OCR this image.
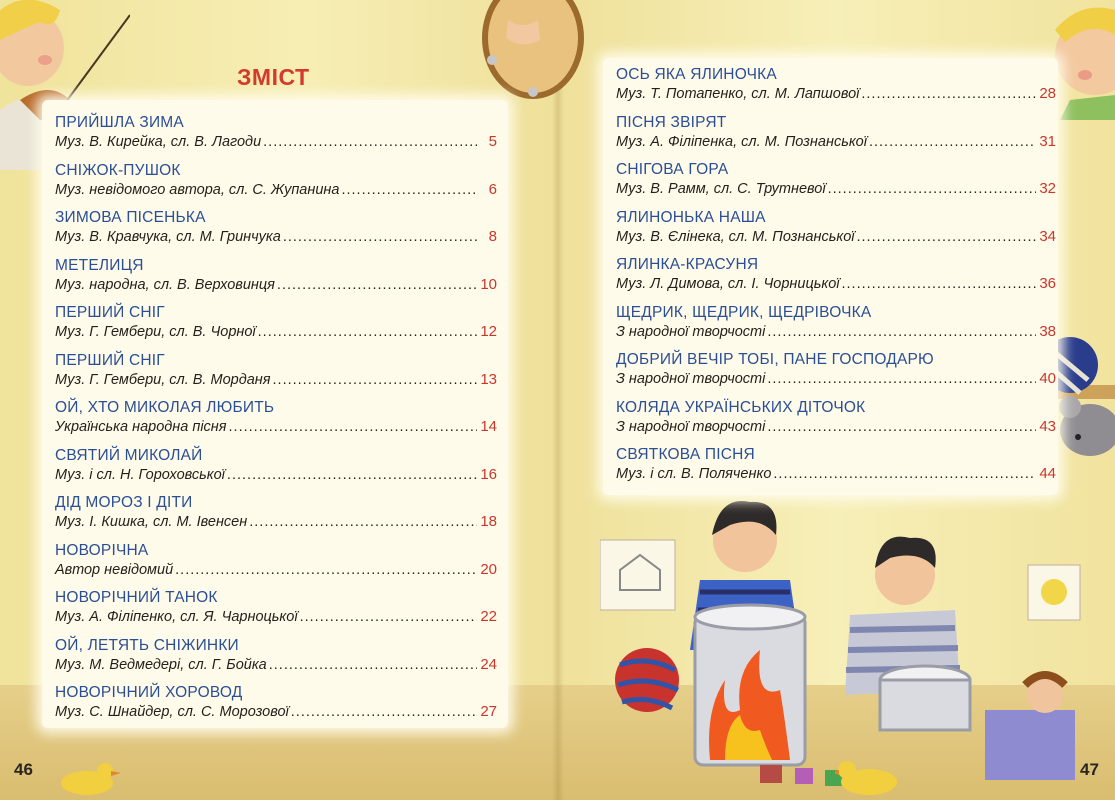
ЗМІСТ
ПРИЙШЛА ЗИМА
Муз. В. Кирейка, сл. В. Лагоди .....	5
СНІЖОК-ПУШОК
Муз. невідомого автора, сл. С. Жупанина .....	6
ЗИМОВА ПІСЕНЬКА
Муз. В. Кравчука, сл. М. Гринчука .....	8
МЕТЕЛИЦЯ
Муз. народна, сл. В. Верховинця .....	10
ПЕРШИЙ СНІГ
Муз. Г. Гембери, сл. В. Чорної .....	12
ПЕРШИЙ СНІГ
Муз. Г. Гембери, сл. В. Морданя .....	13
ОЙ, ХТО МИКОЛАЯ ЛЮБИТЬ
Українська народна пісня .....	14
СВЯТИЙ МИКОЛАЙ
Муз. і сл. Н. Гороховської .....	16
ДІД МОРОЗ І ДІТИ
Муз. І. Кишка, сл. М. Івенсен .....	18
НОВОРІЧНА
Автор невідомий .....	20
НОВОРІЧНИЙ ТАНОК
Муз. А. Філіпенко, сл. Я. Чарноцької .....	22
ОЙ, ЛЕТЯТЬ СНІЖИНКИ
Муз. М. Ведмедері, сл. Г. Бойка .....	24
НОВОРІЧНИЙ ХОРОВОД
Муз. С. Шнайдер, сл. С. Морозової .....	27
ОСЬ ЯКА ЯЛИНОЧКА
Муз. Т. Потапенко, сл. М. Лапшової .....	28
ПІСНЯ ЗВІРЯТ
Муз. А. Філіпенка, сл. М. Познанської .....	31
СНІГОВА ГОРА
Муз. В. Рамм, сл. С. Трутневої .....	32
ЯЛИНОНЬКА НАША
Муз. В. Єлінека, сл. М. Познанської .....	34
ЯЛИНКА-КРАСУНЯ
Муз. Л. Димова, сл. І. Чорницької .....	36
ЩЕДРИК, ЩЕДРИК, ЩЕДРІВОЧКА
З народної творчості .....	38
ДОБРИЙ ВЕЧІР ТОБІ, ПАНЕ ГОСПОДАРЮ
З народної творчості .....	40
КОЛЯДА УКРАЇНСЬКИХ ДІТОЧОК
З народної творчості .....	43
СВЯТКОВА ПІСНЯ
Муз. і сл. В. Поляченко .....	44
46	47
